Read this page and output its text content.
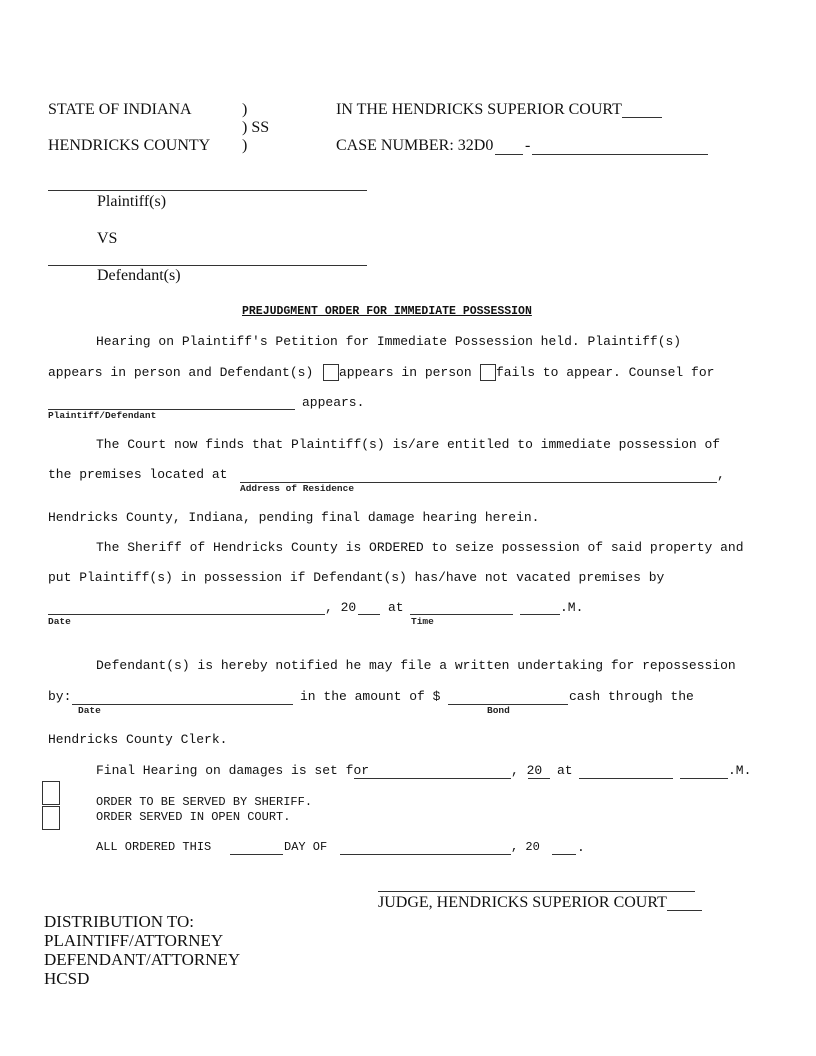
STATE OF INDIANA	)
) SS
HENDRICKS COUNTY )
IN THE HENDRICKS SUPERIOR COURT
CASE NUMBER: 32D0 -
Plaintiff(s)
VS
Defendant(s)
PREJUDGMENT ORDER FOR IMMEDIATE POSSESSION
Hearing on Plaintiff's Petition for Immediate Possession held. Plaintiff(s)
appears in person and Defendant(s) appears in person fails to appear. Counsel for
appears.
Plaintiff/Defendant
The Court now finds that Plaintiff(s) is/are entitled to immediate possession of
the premises located at	,
Address of Residence
Hendricks County, Indiana, pending final damage hearing herein.
The Sheriff of Hendricks County is ORDERED to seize possession of said property and
put Plaintiff(s) in possession if Defendant(s) has/have not vacated premises by
, 20 at	.M.
Date	Time
Defendant(s) is hereby notified he may file a written undertaking for repossession
by:	in the amount of $	cash through the
Date	Bond
Hendricks County Clerk.
Final Hearing on damages is set for	, 20 at	.M.
ORDER TO BE SERVED BY SHERIFF.
ORDER SERVED IN OPEN COURT.
ALL ORDERED THIS	DAY OF	, 20	.
JUDGE, HENDRICKS SUPERIOR COURT
DISTRIBUTION TO:
PLAINTIFF/ATTORNEY
DEFENDANT/ATTORNEY
HCSD
